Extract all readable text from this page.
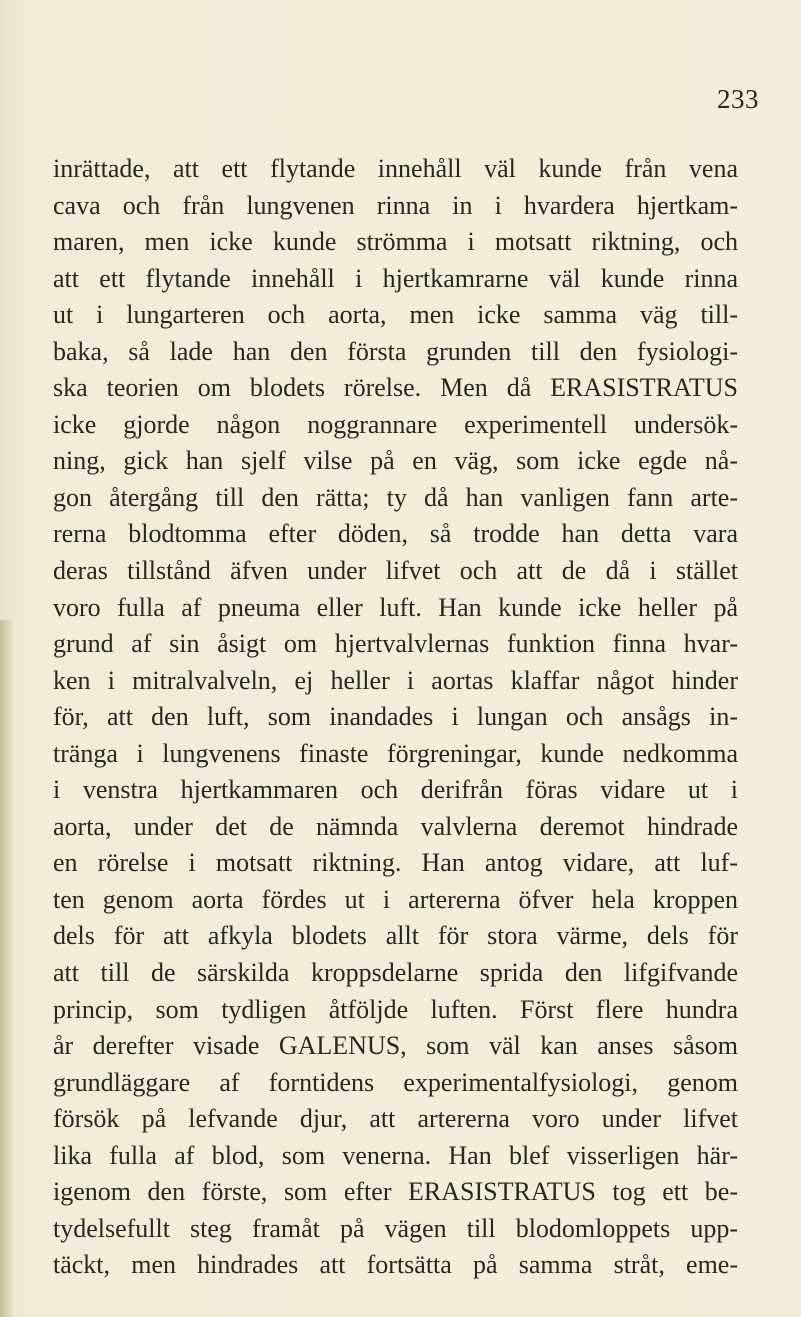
233
inrättade, att ett flytande innehåll väl kunde från vena
cava och från lungvenen rinna in i hvardera hjertkam-
maren, men icke kunde strömma i motsatt riktning, och
att ett flytande innehåll i hjertkamrarne väl kunde rinna
ut i lungarteren och aorta, men icke samma väg till-
baka, så lade han den första grunden till den fysiologi-
ska teorien om blodets rörelse. Men då ERASISTRATUS
icke gjorde någon noggrannare experimentell undersök-
ning, gick han sjelf vilse på en väg, som icke egde nå-
gon återgång till den rätta; ty då han vanligen fann arte-
rerna blodtomma efter döden, så trodde han detta vara
deras tillstånd äfven under lifvet och att de då i stället
voro fulla af pneuma eller luft. Han kunde icke heller på
grund af sin åsigt om hjertvalvlernas funktion finna hvar-
ken i mitralvalveln, ej heller i aortas klaffar något hinder
för, att den luft, som inandades i lungan och ansågs in-
tränga i lungvenens finaste förgreningar, kunde nedkomma
i venstra hjertkammaren och derifrån föras vidare ut i
aorta, under det de nämnda valvlerna deremot hindrade
en rörelse i motsatt riktning. Han antog vidare, att luf-
ten genom aorta fördes ut i artererna öfver hela kroppen
dels för att afkyla blodets allt för stora värme, dels för
att till de särskilda kroppsdelarne sprida den lifgifvande
princip, som tydligen åtföljde luften. Först flere hundra
år derefter visade GALENUS, som väl kan anses såsom
grundläggare af forntidens experimentalfysiologi, genom
försök på lefvande djur, att artererna voro under lifvet
lika fulla af blod, som venerna. Han blef visserligen här-
igenom den förste, som efter ERASISTRATUS tog ett be-
tydelsefullt steg framåt på vägen till blodomloppets upp-
täckt, men hindrades att fortsätta på samma stråt, eme-
